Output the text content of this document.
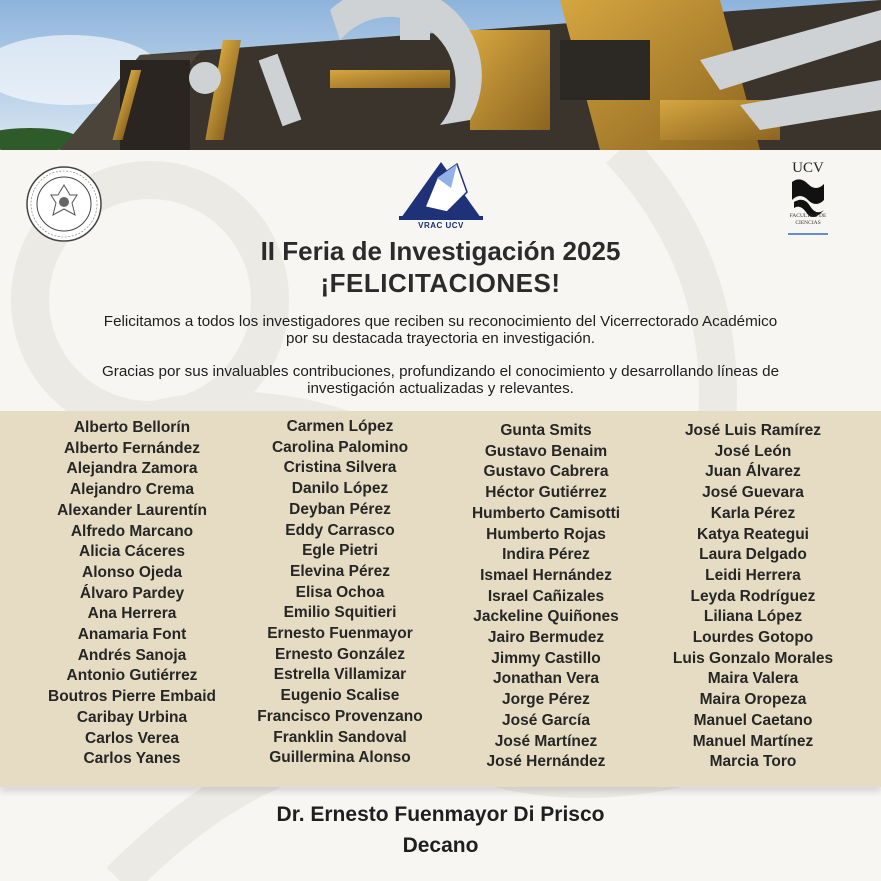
VRAC UCV
UCV
FACULTAD DE
CIENCIAS
II Feria de Investigación 2025
¡FELICITACIONES!
Felicitamos a todos los investigadores que reciben su reconocimiento del Vicerrectorado Académico
por su destacada trayectoria en investigación.
Gracias por sus invaluables contribuciones, profundizando el conocimiento y desarrollando líneas de
investigación actualizadas y relevantes.
Alberto Bellorín
Alberto Fernández
Alejandra Zamora
Alejandro Crema
Alexander Laurentín
Alfredo Marcano
Alicia Cáceres
Alonso Ojeda
Álvaro Pardey
Ana Herrera
Anamaria Font
Andrés Sanoja
Antonio Gutiérrez
Boutros Pierre Embaid
Caribay Urbina
Carlos Verea
Carlos Yanes
Carmen López
Carolina Palomino
Cristina Silvera
Danilo López
Deyban Pérez
Eddy Carrasco
Egle Pietri
Elevina Pérez
Elisa Ochoa
Emilio Squitieri
Ernesto Fuenmayor
Ernesto González
Estrella Villamizar
Eugenio Scalise
Francisco Provenzano
Franklin Sandoval
Guillermina Alonso
Gunta Smits
Gustavo Benaim
Gustavo Cabrera
Héctor Gutiérrez
Humberto Camisotti
Humberto Rojas
Indira Pérez
Ismael Hernández
Israel Cañizales
Jackeline Quiñones
Jairo Bermudez
Jimmy Castillo
Jonathan Vera
Jorge Pérez
José García
José Martínez
José Hernández
José Luis Ramírez
José León
Juan Álvarez
José Guevara
Karla Pérez
Katya Reategui
Laura Delgado
Leidi Herrera
Leyda Rodríguez
Liliana López
Lourdes Gotopo
Luis Gonzalo Morales
Maira Valera
Maira Oropeza
Manuel Caetano
Manuel Martínez
Marcia Toro
Dr. Ernesto Fuenmayor Di Prisco
Decano
